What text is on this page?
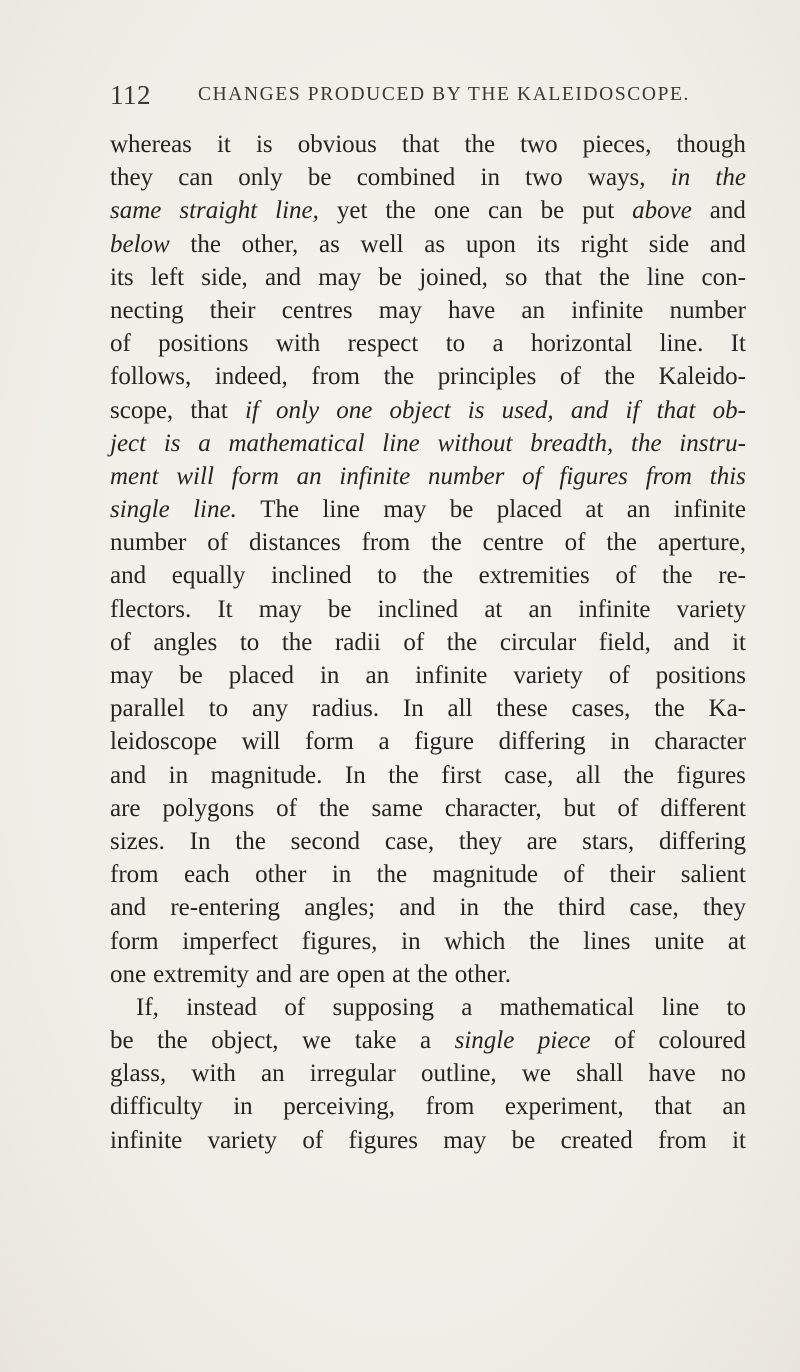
112 CHANGES PRODUCED BY THE KALEIDOSCOPE.
whereas it is obvious that the two pieces, though
they can only be combined in two ways, in the
same straight line, yet the one can be put above and
below the other, as well as upon its right side and
its left side, and may be joined, so that the line con-
necting their centres may have an infinite number
of positions with respect to a horizontal line. It
follows, indeed, from the principles of the Kaleido-
scope, that if only one object is used, and if that ob-
ject is a mathematical line without breadth, the instru-
ment will form an infinite number of figures from this
single line. The line may be placed at an infinite
number of distances from the centre of the aperture,
and equally inclined to the extremities of the re-
flectors. It may be inclined at an infinite variety
of angles to the radii of the circular field, and it
may be placed in an infinite variety of positions
parallel to any radius. In all these cases, the Ka-
leidoscope will form a figure differing in character
and in magnitude. In the first case, all the figures
are polygons of the same character, but of different
sizes. In the second case, they are stars, differing
from each other in the magnitude of their salient
and re-entering angles; and in the third case, they
form imperfect figures, in which the lines unite at
one extremity and are open at the other.
If, instead of supposing a mathematical line to
be the object, we take a single piece of coloured
glass, with an irregular outline, we shall have no
difficulty in perceiving, from experiment, that an
infinite variety of figures may be created from it
